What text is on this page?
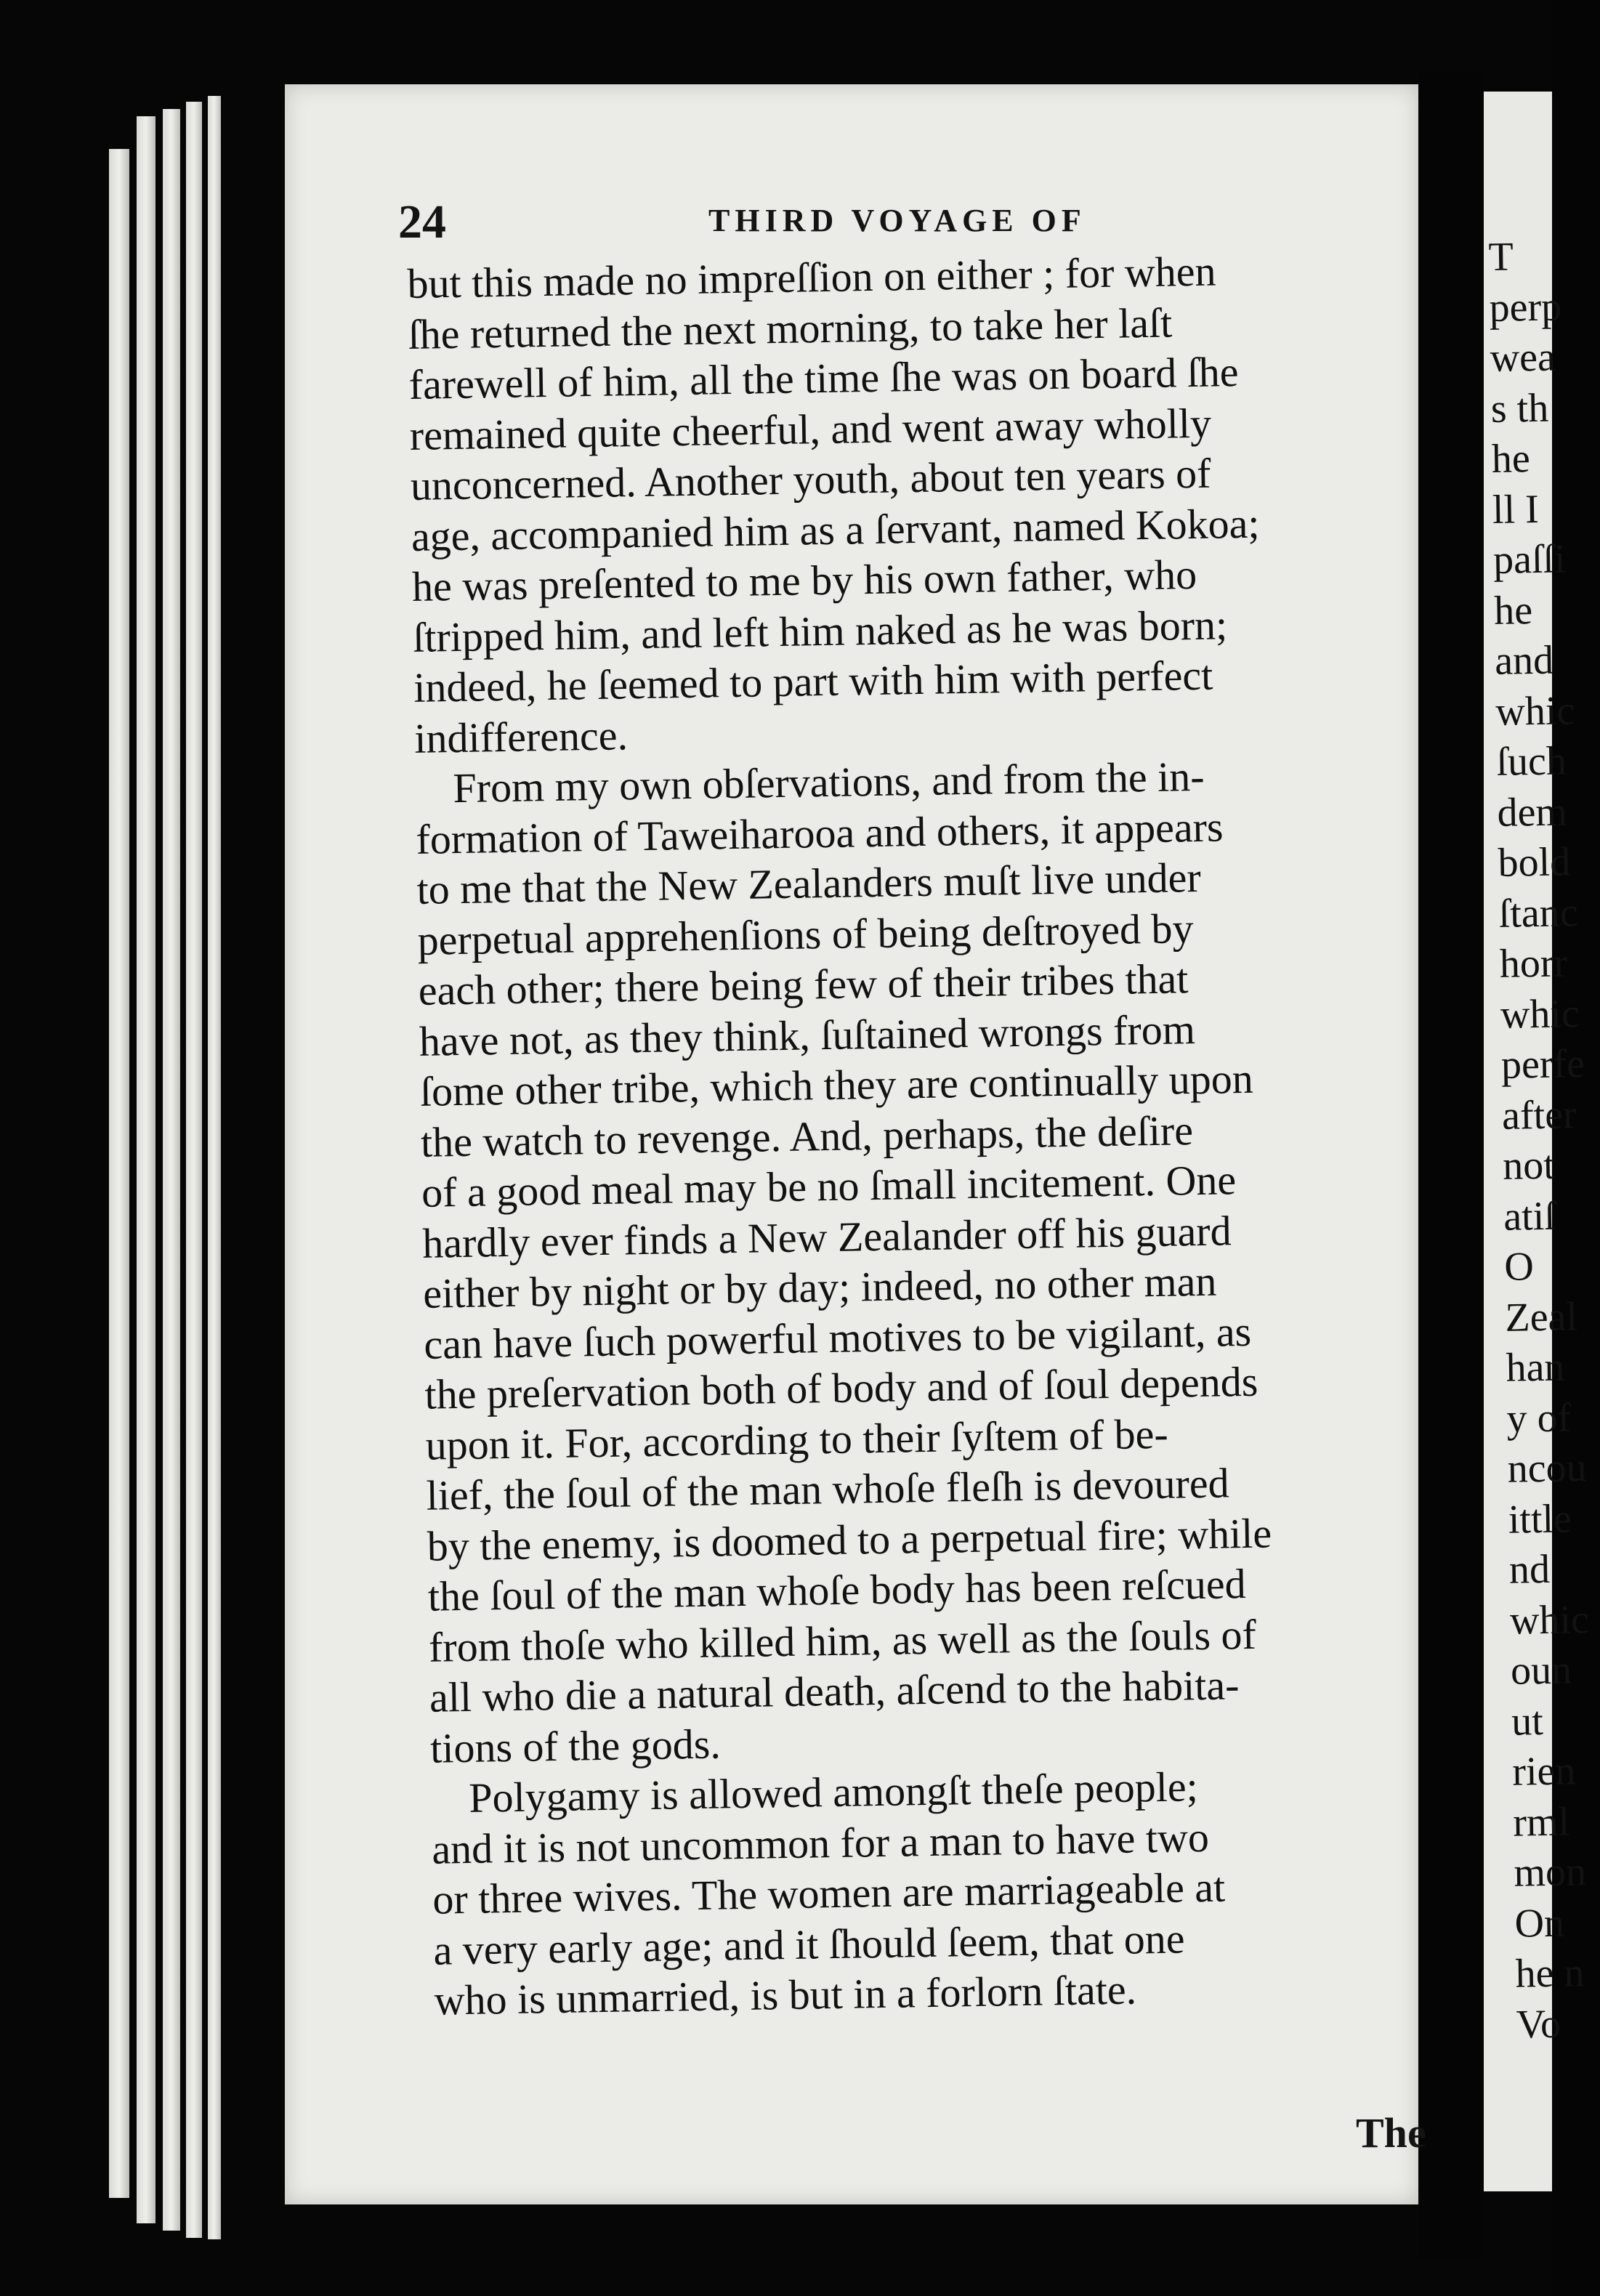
24	THIRD VOYAGE OF
but this made no impreſſion on either ; for when
ſhe returned the next morning, to take her laſt
farewell of him, all the time ſhe was on board ſhe
remained quite cheerful, and went away wholly
unconcerned. Another youth, about ten years of
age, accompanied him as a ſervant, named Kokoa;
he was preſented to me by his own father, who
ſtripped him, and left him naked as he was born;
indeed, he ſeemed to part with him with perfect
indifference.
From my own obſervations, and from the in-
formation of Taweiharooa and others, it appears
to me that the New Zealanders muſt live under
perpetual apprehenſions of being deſtroyed by
each other; there being few of their tribes that
have not, as they think, ſuſtained wrongs from
ſome other tribe, which they are continually upon
the watch to revenge. And, perhaps, the deſire
of a good meal may be no ſmall incitement. One
hardly ever finds a New Zealander off his guard
either by night or by day; indeed, no other man
can have ſuch powerful motives to be vigilant, as
the preſervation both of body and of ſoul depends
upon it. For, according to their ſyſtem of be-
lief, the ſoul of the man whoſe fleſh is devoured
by the enemy, is doomed to a perpetual fire; while
the ſoul of the man whoſe body has been reſcued
from thoſe who killed him, as well as the ſouls of
all who die a natural death, aſcend to the habita-
tions of the gods.
Polygamy is allowed amongſt theſe people;
and it is not uncommon for a man to have two
or three wives. The women are marriageable at
a very early age; and it ſhould ſeem, that one
who is unmarried, is but in a forlorn ſtate.
The
T
perp
wea
s th
he
ll I
paſſi
he
and
whic
ſuch
dem
bold
ſtanc
horr
whic
perfe
after
not
atiſ
O
Zeal
han
y of
ncou
ittle
nd
whic
oun
ut
rien
rml
mon
On
he n
Vo
